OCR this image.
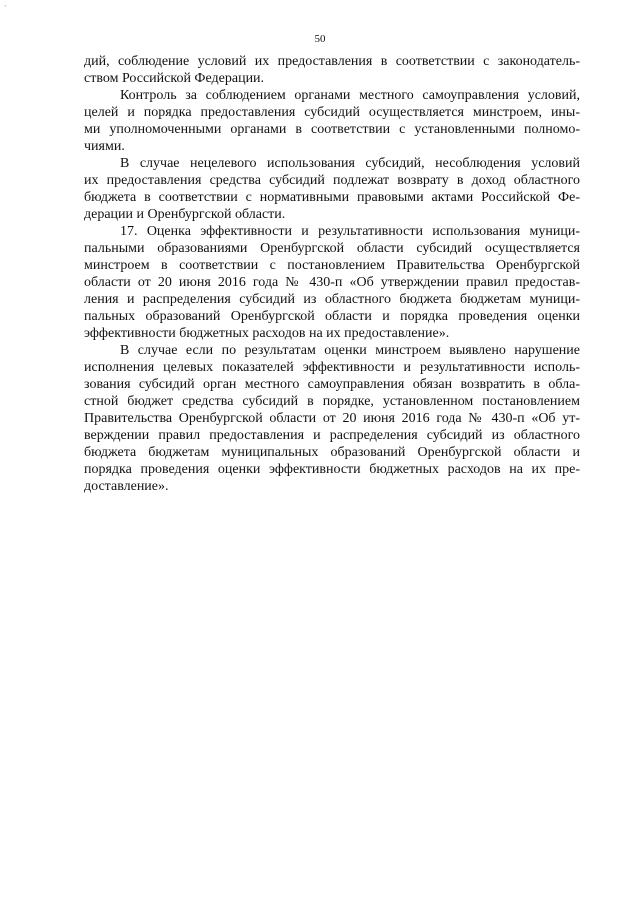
`
50
дий, соблюдение условий их предоставления в соответствии с законодатель-
ством Российской Федерации.
Контроль за соблюдением органами местного самоуправления условий,
целей и порядка предоставления субсидий осуществляется минстроем, ины-
ми уполномоченными органами в соответствии с установленными полномо-
чиями.
В случае нецелевого использования субсидий, несоблюдения условий
их предоставления средства субсидий подлежат возврату в доход областного
бюджета в соответствии с нормативными правовыми актами Российской Фе-
дерации и Оренбургской области.
17. Оценка эффективности и результативности использования муници-
пальными образованиями Оренбургской области субсидий осуществляется
минстроем в соответствии с постановлением Правительства Оренбургской
области от 20 июня 2016 года № 430-п «Об утверждении правил предостав-
ления и распределения субсидий из областного бюджета бюджетам муници-
пальных образований Оренбургской области и порядка проведения оценки
эффективности бюджетных расходов на их предоставление».
В случае если по результатам оценки минстроем выявлено нарушение
исполнения целевых показателей эффективности и результативности исполь-
зования субсидий орган местного самоуправления обязан возвратить в обла-
стной бюджет средства субсидий в порядке, установленном постановлением
Правительства Оренбургской области от 20 июня 2016 года № 430-п «Об ут-
верждении правил предоставления и распределения субсидий из областного
бюджета бюджетам муниципальных образований Оренбургской области и
порядка проведения оценки эффективности бюджетных расходов на их пре-
доставление».
